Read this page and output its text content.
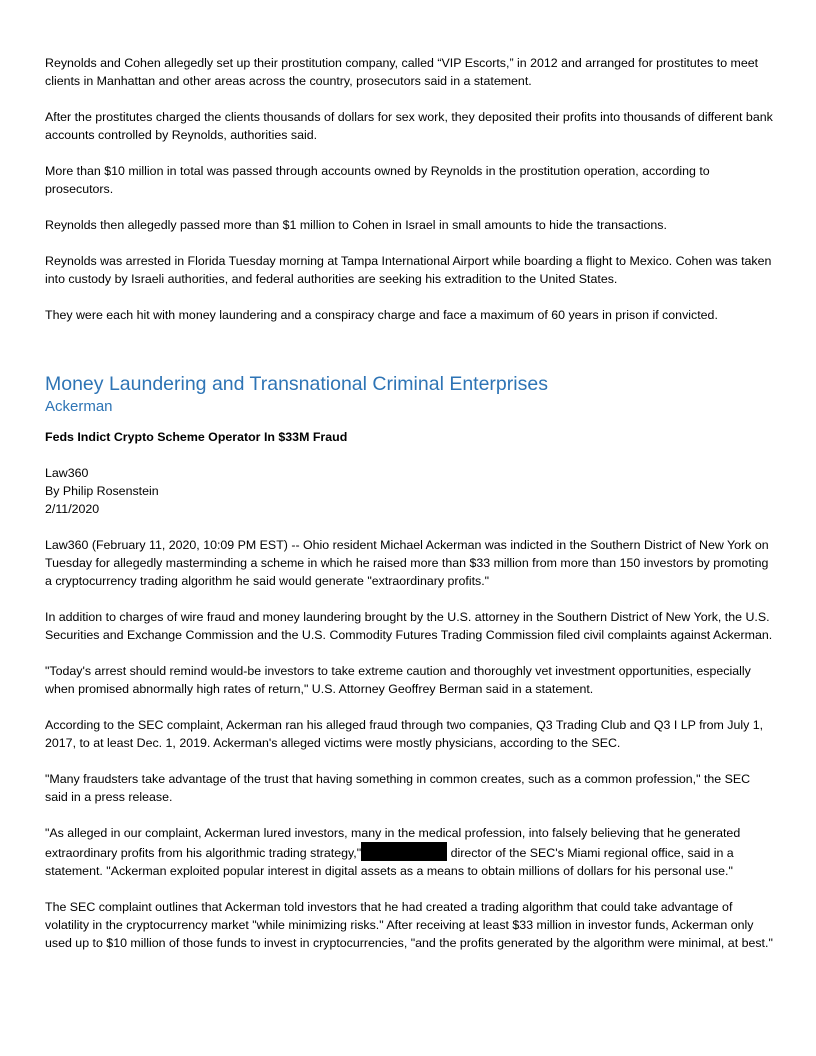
Reynolds and Cohen allegedly set up their prostitution company, called “VIP Escorts,” in 2012 and arranged for prostitutes to meet clients in Manhattan and other areas across the country, prosecutors said in a statement.

After the prostitutes charged the clients thousands of dollars for sex work, they deposited their profits into thousands of different bank accounts controlled by Reynolds, authorities said.

More than $10 million in total was passed through accounts owned by Reynolds in the prostitution operation, according to prosecutors.

Reynolds then allegedly passed more than $1 million to Cohen in Israel in small amounts to hide the transactions.

Reynolds was arrested in Florida Tuesday morning at Tampa International Airport while boarding a flight to Mexico. Cohen was taken into custody by Israeli authorities, and federal authorities are seeking his extradition to the United States.

They were each hit with money laundering and a conspiracy charge and face a maximum of 60 years in prison if convicted.

Money Laundering and Transnational Criminal Enterprises
Ackerman

Feds Indict Crypto Scheme Operator In $33M Fraud

Law360

By Philip Rosenstein

2/11/2020

Law360 (February 11, 2020, 10:09 PM EST) -- Ohio resident Michael Ackerman was indicted in the Southern District of New York on Tuesday for allegedly masterminding a scheme in which he raised more than $33 million from more than 150 investors by promoting a cryptocurrency trading algorithm he said would generate "extraordinary profits."

In addition to charges of wire fraud and money laundering brought by the U.S. attorney in the Southern District of New York, the U.S. Securities and Exchange Commission and the U.S. Commodity Futures Trading Commission filed civil complaints against Ackerman.

"Today's arrest should remind would-be investors to take extreme caution and thoroughly vet investment opportunities, especially when promised abnormally high rates of return," U.S. Attorney Geoffrey Berman said in a statement.

According to the SEC complaint, Ackerman ran his alleged fraud through two companies, Q3 Trading Club and Q3 I LP from July 1, 2017, to at least Dec. 1, 2019. Ackerman's alleged victims were mostly physicians, according to the SEC.

"Many fraudsters take advantage of the trust that having something in common creates, such as a common profession," the SEC said in a press release.

"As alleged in our complaint, Ackerman lured investors, many in the medical profession, into falsely believing that he generated extraordinary profits from his algorithmic trading strategy,"	director of the SEC's Miami regional office, said in a statement. "Ackerman exploited popular interest in digital assets as a means to obtain millions of dollars for his personal use."

The SEC complaint outlines that Ackerman told investors that he had created a trading algorithm that could take advantage of volatility in the cryptocurrency market "while minimizing risks." After receiving at least $33 million in investor funds, Ackerman only used up to $10 million of those funds to invest in cryptocurrencies, "and the profits generated by the algorithm were minimal, at best."
